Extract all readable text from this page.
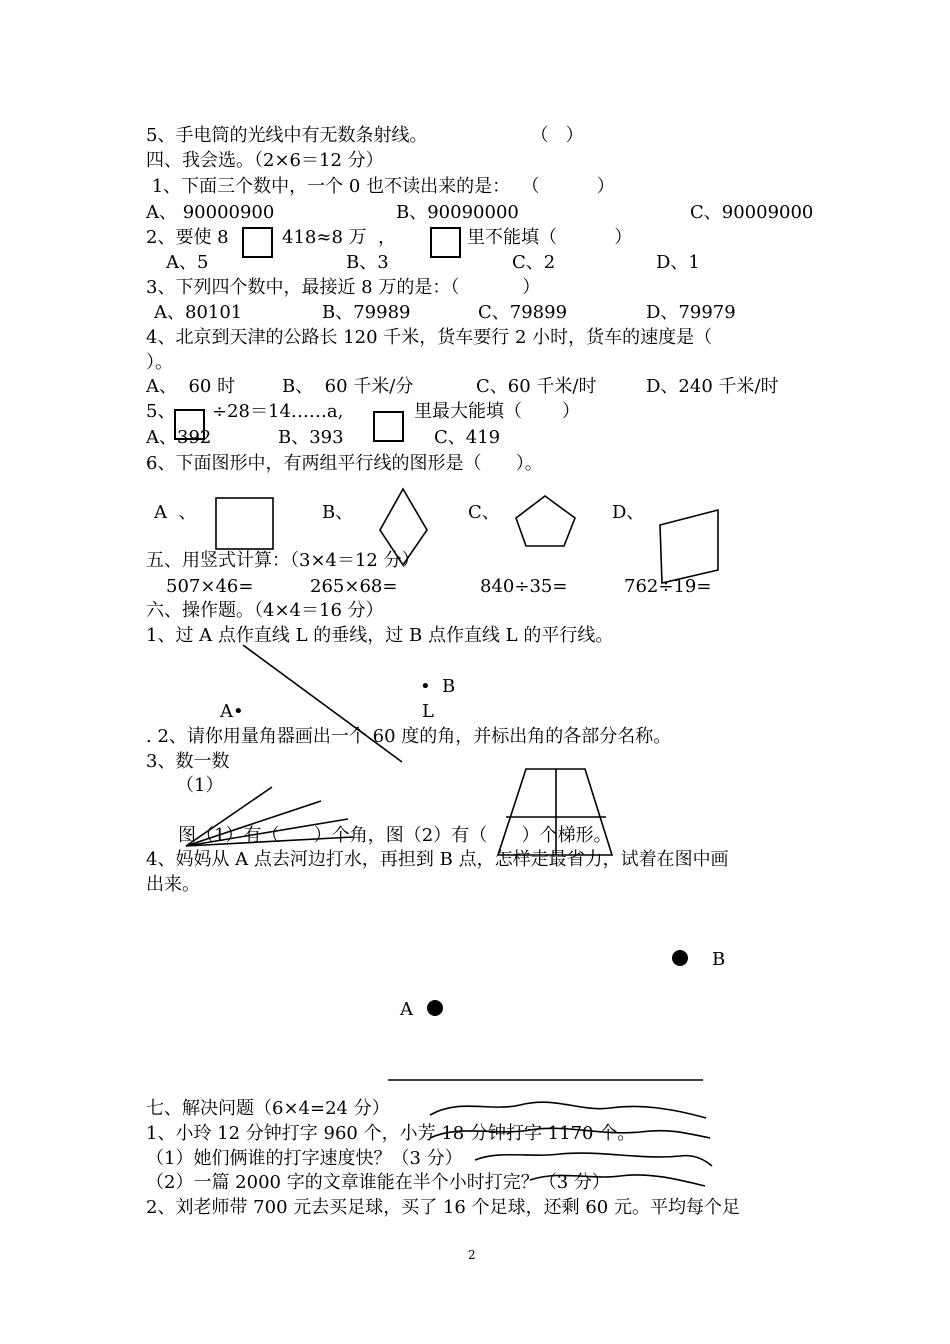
5、手电筒的光线中有无数条射线。                  （   ）
四、我会选。（2×6＝12 分）
1、下面三个数中，一个 0 也不读出来的是：  （          ）
A、 90000900	B、90090000	C、90009000
2、要使 8	418≈8 万  ，	里不能填（          ）
A、5	B、3	C、2	D、1
3、下列四个数中，最接近 8 万的是：（           ）
A、80101	B、79989	C、79899	D、79979
4、北京到天津的公路长 120 千米，货车要行 2 小时，货车的速度是（
）。
A、  60 时	B、  60 千米/分	C、60 千米/时	D、240 千米/时
5、 ÷28＝14……a,	里最大能填（       ）
A、392	B、393	C、419
6、下面图形中，有两组平行线的图形是（      ）。
A  、	B、	C、	D、
五、用竖式计算：（3×4＝12 分）
507×46=	265×68=	840÷35=	762÷19=
六、操作题。（4×4＝16 分）
1、过 A 点作直线 L 的垂线，过 B 点作直线 L 的平行线。
•  B
A•	L
. 2、请你用量角器画出一个 60 度的角，并标出角的各部分名称。
3、数一数
（1）
图（1）有（      ）个角，图（2）有（      ）个梯形。
4、妈妈从 A 点去河边打水，再担到 B 点，怎样走最省力，试着在图中画
出来。
B
A
七、解决问题（6×4=24 分）
1、小玲 12 分钟打字 960 个，小芳 18 分钟打字 1170 个。
（1）她们俩谁的打字速度快？（3 分）
（2）一篇 2000 字的文章谁能在半个小时打完？（3 分）
2、刘老师带 700 元去买足球，买了 16 个足球，还剩 60 元。平均每个足
2
